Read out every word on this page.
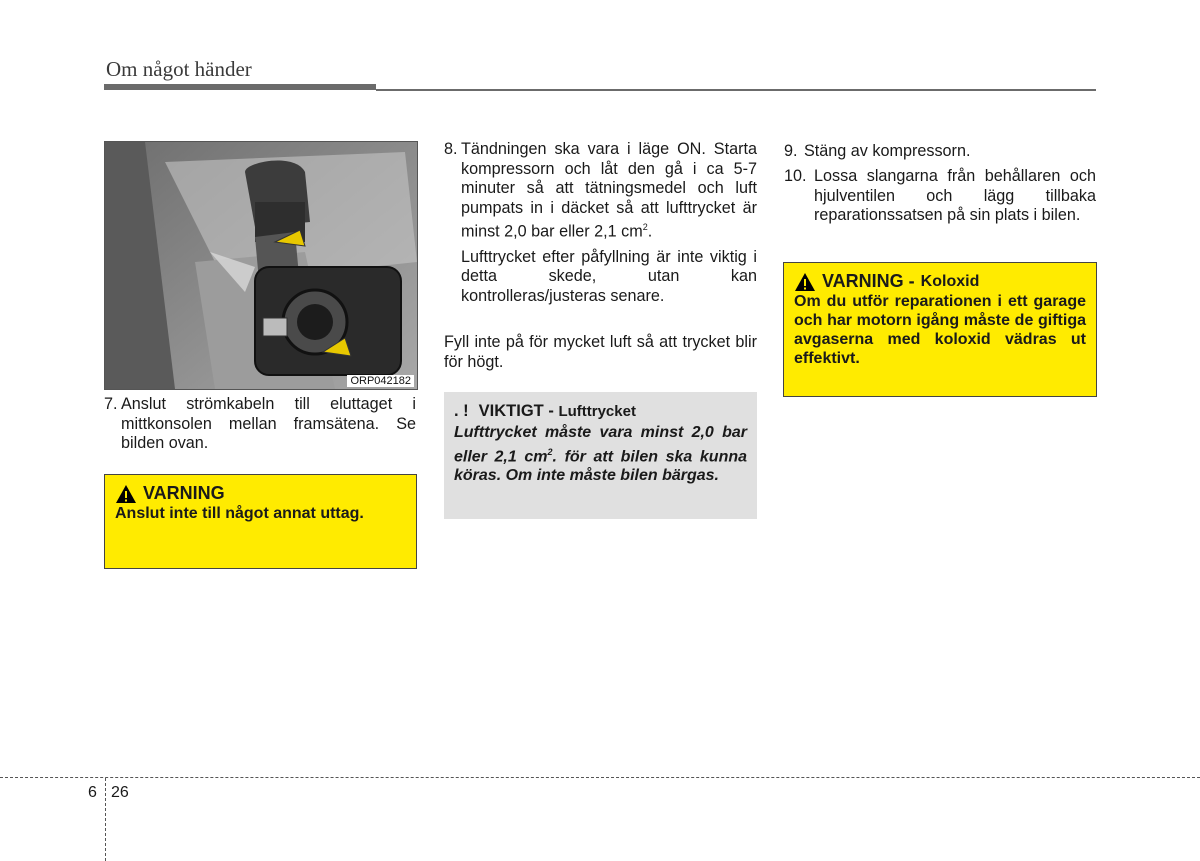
Om något händer
ORP042182
7. Anslut strömkabeln till eluttaget i mittkonsolen mellan framsätena. Se bilden ovan.
VARNING
Anslut inte till något annat uttag.
8. Tändningen ska vara i läge ON. Starta kompressorn och låt den gå i ca 5-7 minuter så att tätningsmedel och luft pumpats in i däcket så att lufttrycket är minst 2,0 bar eller 2,1 $cm^2$.
Lufttrycket efter påfyllning är inte viktig i detta skede, utan kan kontrolleras/justeras senare.
Fyll inte på för mycket luft så att trycket blir för högt.
. ! VIKTIGT - Lufttrycket
Lufttrycket måste vara minst 2,0 bar eller 2,1 $cm^2$. för att bilen ska kunna köras. Om inte måste bilen bärgas.
9. Stäng av kompressorn.
10. Lossa slangarna från behållaren och hjulventilen och lägg tillbaka reparationssatsen på sin plats i bilen.
VARNING - Koloxid
Om du utför reparationen i ett garage och har motorn igång måste de giftiga avgaserna med koloxid vädras ut effektivt.
6 26
